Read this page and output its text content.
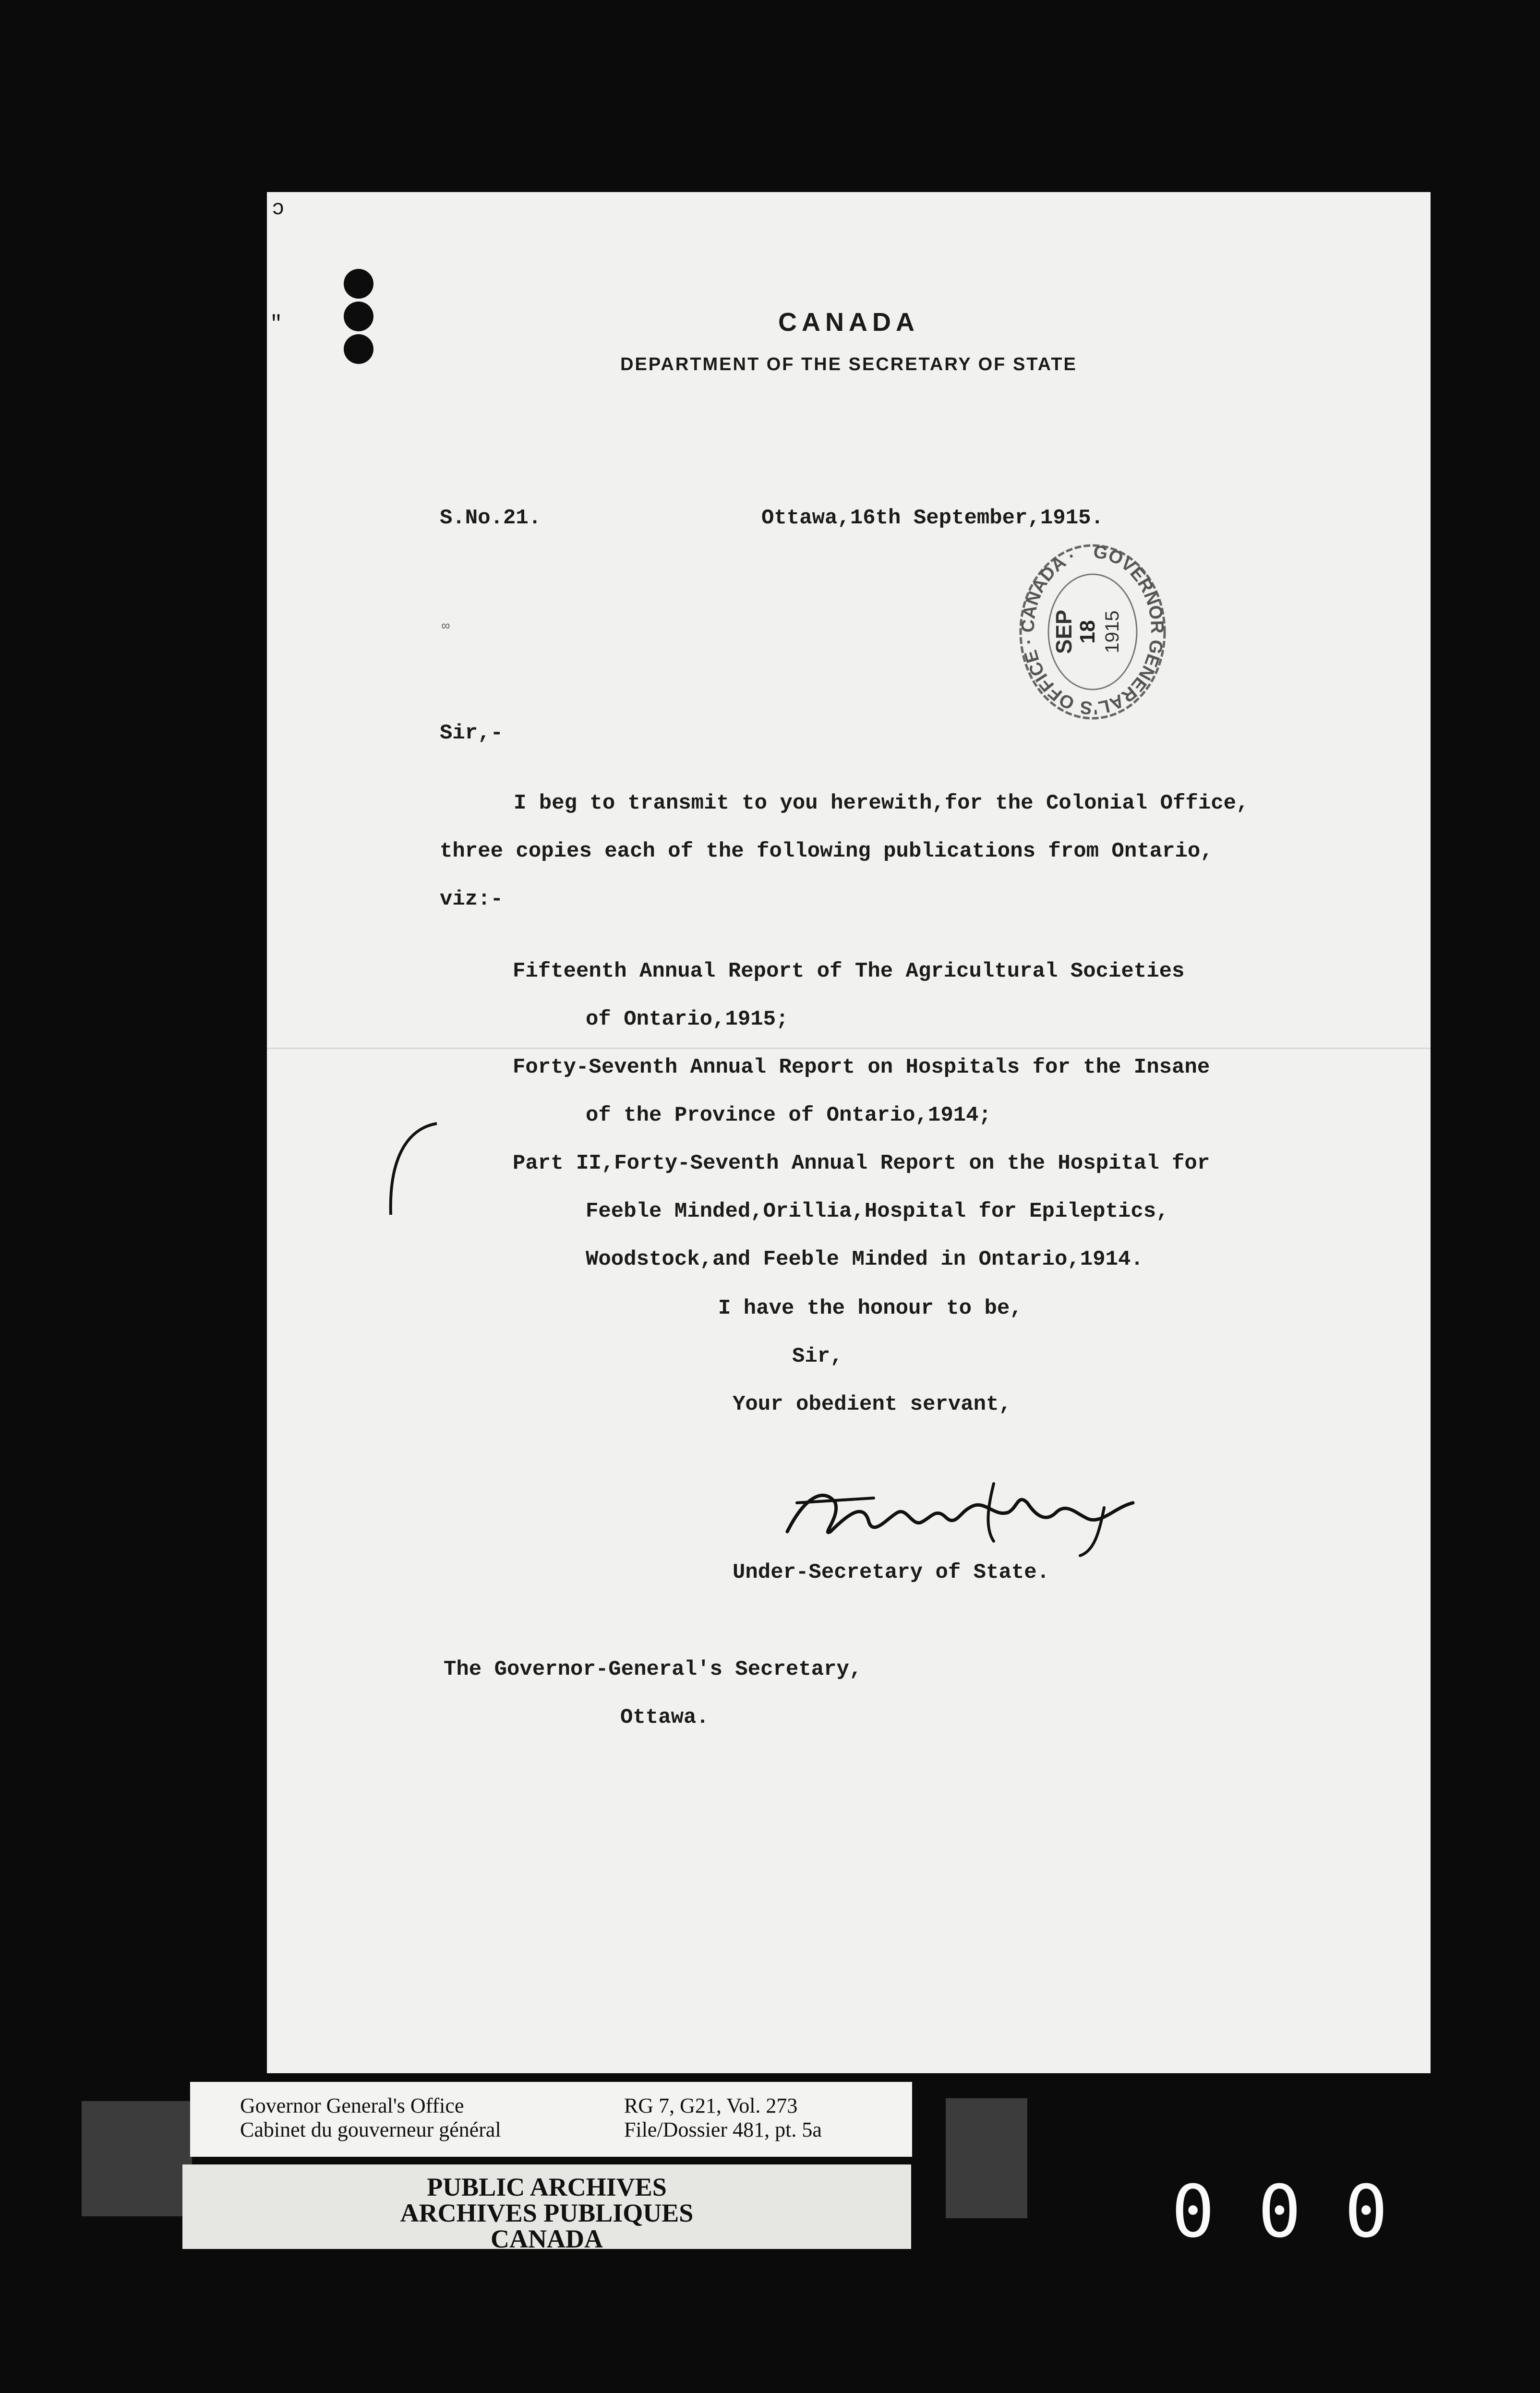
ɔ
"	CANADA
DEPARTMENT OF THE SECRETARY OF STATE
S.No.21.	Ottawa,16th September,1915.
GOVERNOR GENERAL'S OFFICE · CANADA ·
SEP 18 1915
∞
Sir,-
I beg to transmit to you herewith,for the Colonial Office,
three copies each of the following publications from Ontario,
viz:-
Fifteenth Annual Report of The Agricultural Societies
of Ontario,1915;
Forty-Seventh Annual Report on Hospitals for the Insane
of the Province of Ontario,1914;
Part II,Forty-Seventh Annual Report on the Hospital for
Feeble Minded,Orillia,Hospital for Epileptics,
Woodstock,and Feeble Minded in Ontario,1914.
I have the honour to be,
Sir,
Your obedient servant,
Under-Secretary of State.
The Governor-General's Secretary,
Ottawa.
Governor General's Office
Cabinet du gouverneur général
RG 7, G21, Vol. 273
File/Dossier 481, pt. 5a
PUBLIC ARCHIVES
ARCHIVES PUBLIQUES
CANADA	000
